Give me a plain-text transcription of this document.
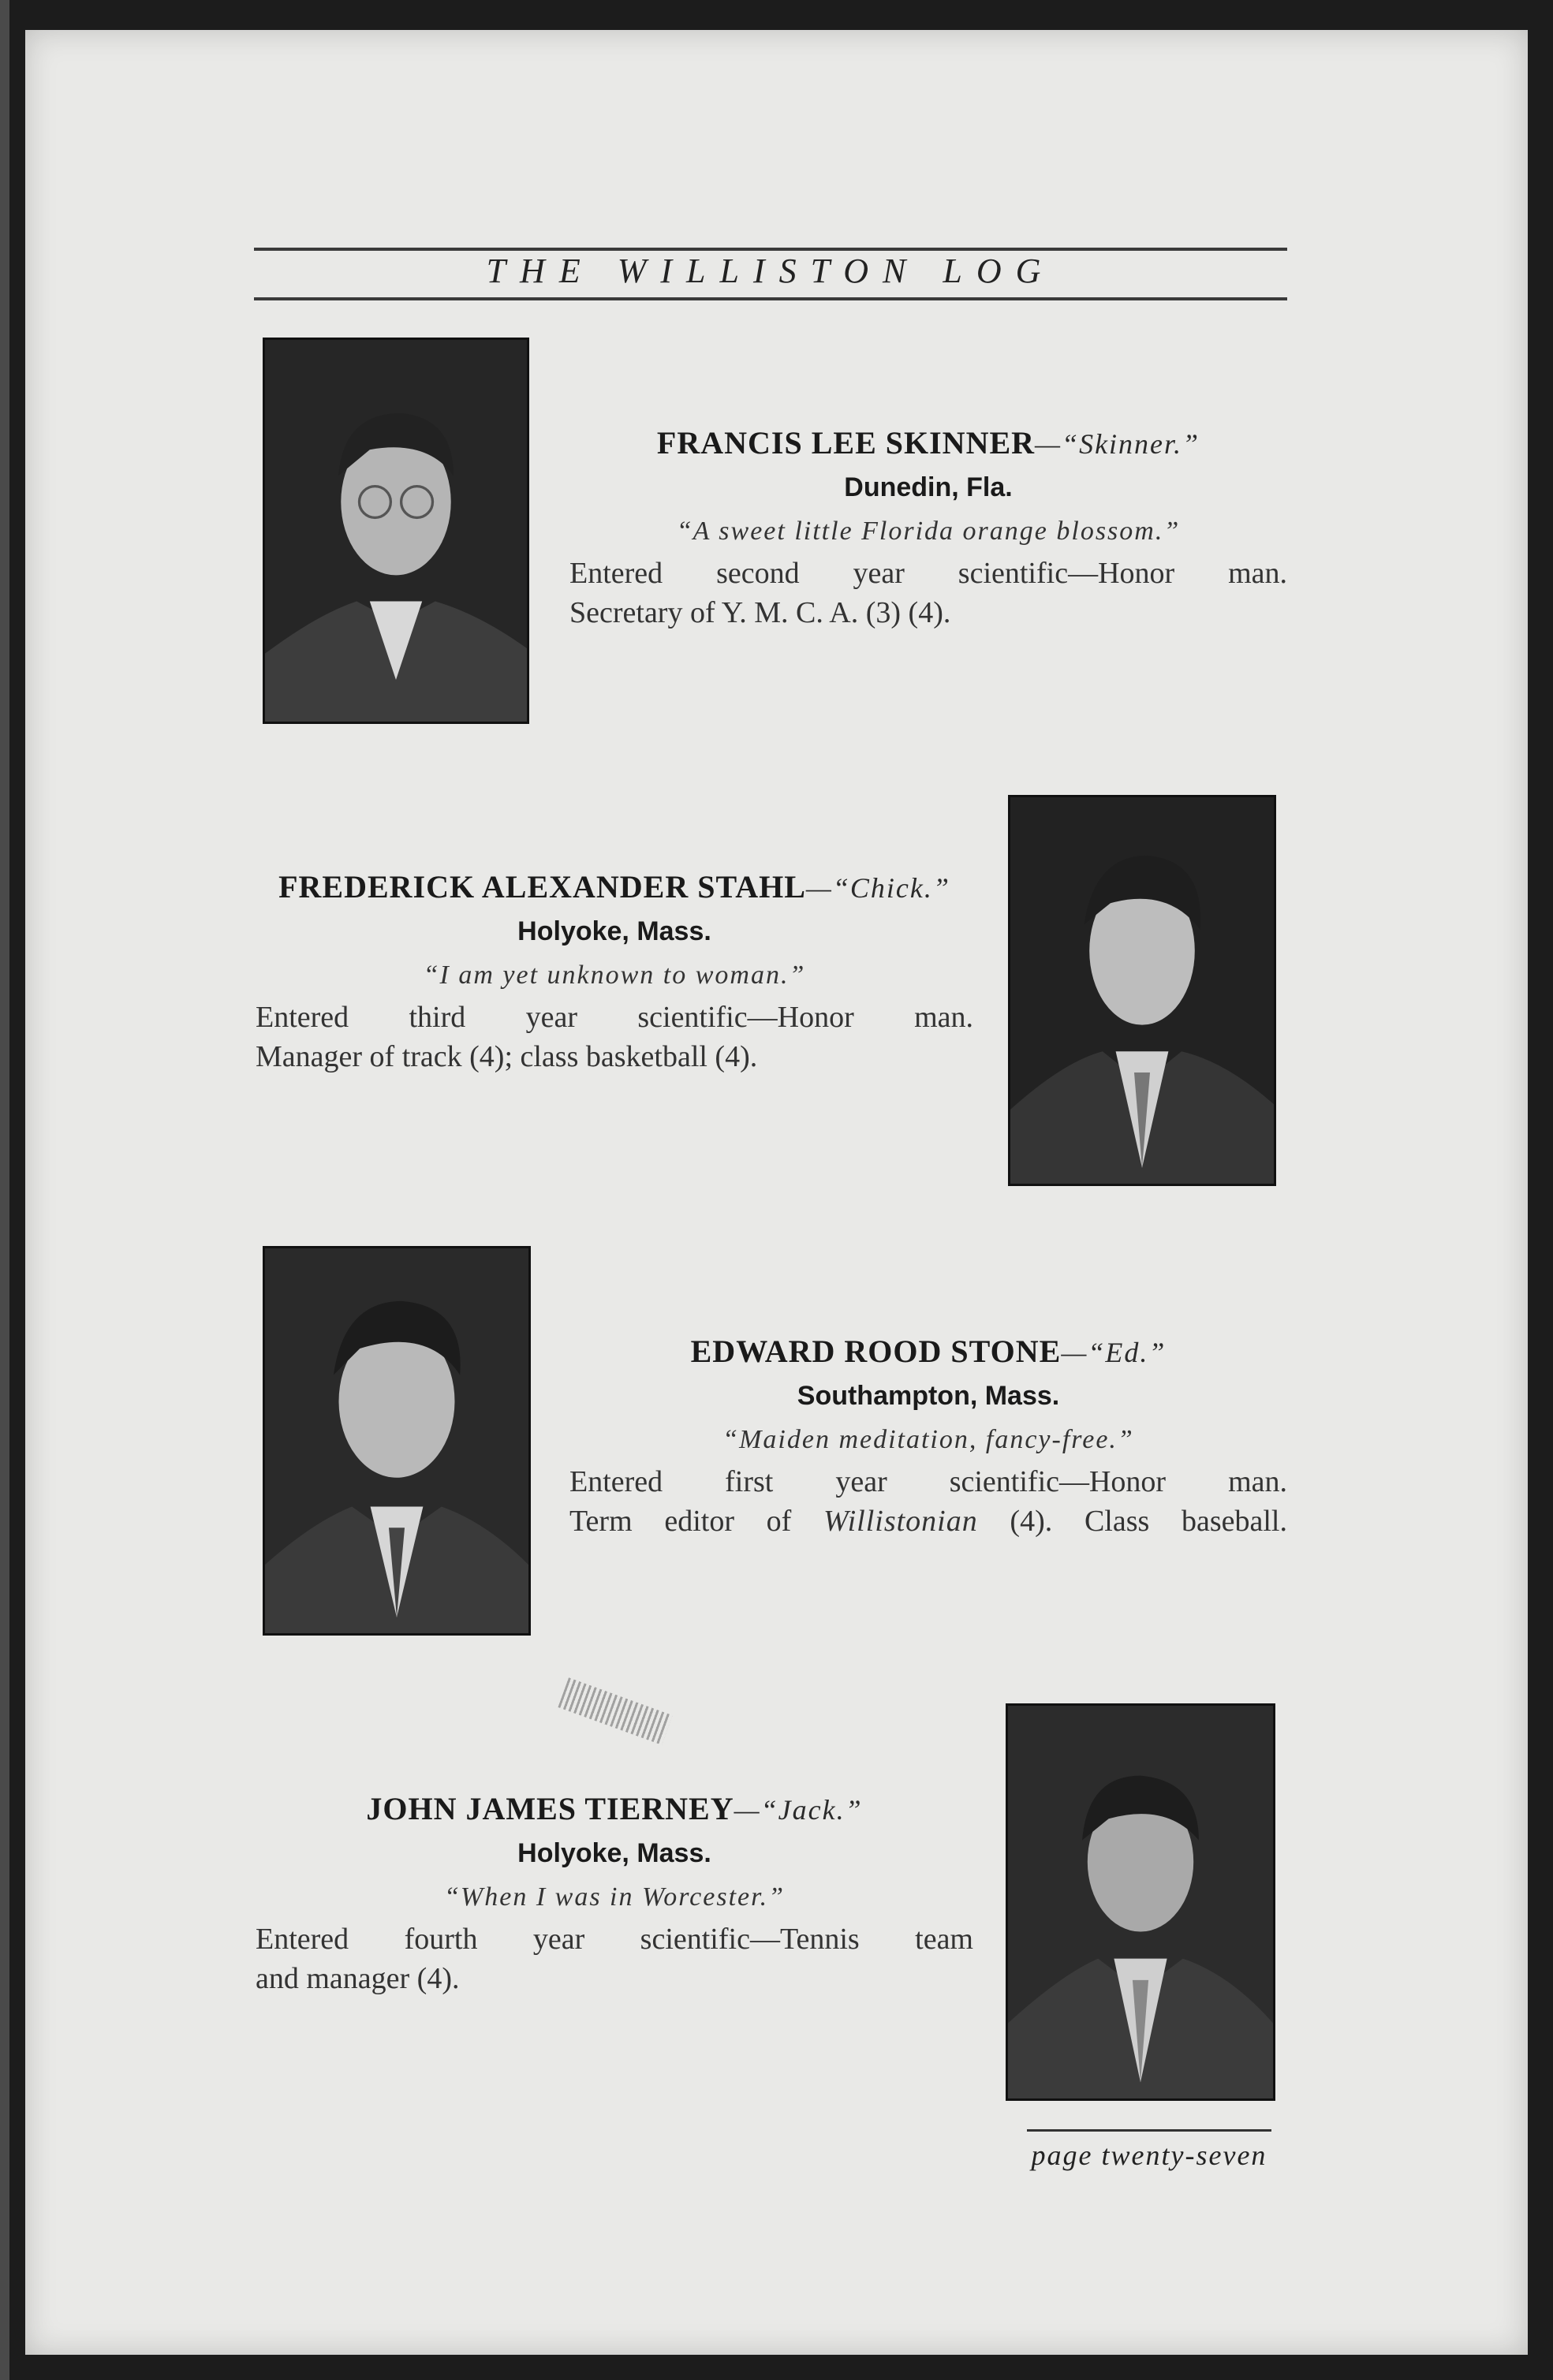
THE WILLISTON LOG
FRANCIS LEE SKINNER—“Skinner.”
Dunedin, Fla.
“A sweet little Florida orange blossom.”
Entered second year scientific—Honor man.
Secretary of Y. M. C. A. (3) (4).
FREDERICK ALEXANDER STAHL—“Chick.”
Holyoke, Mass.
“I am yet unknown to woman.”
Entered third year scientific—Honor man.
Manager of track (4); class basketball (4).
EDWARD ROOD STONE—“Ed.”
Southampton, Mass.
“Maiden meditation, fancy-free.”
Entered first year scientific—Honor man.
Term editor of Willistonian (4). Class baseball.
JOHN JAMES TIERNEY—“Jack.”
Holyoke, Mass.
“When I was in Worcester.”
Entered fourth year scientific—Tennis team
and manager (4).
page twenty-seven
